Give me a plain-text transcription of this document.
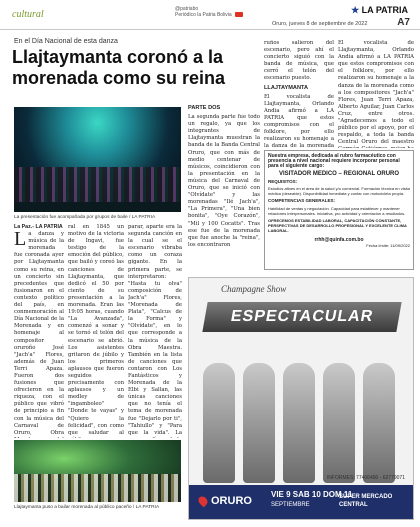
cultural	@patriabo
Periódico la Patria Bolivia	★ LA PATRIA
Oruro, jueves 8 de septiembre de 2022	A7
En el Día Nacional de esta danza
Llajtaymanta coronó a la morenada como su reina
La presentación fue acompañada por grupos de baile / LA PATRIA
La Paz.- LA PATRIA
L a danza y música de la morenada fue coronada ayer por Llajtaymanta como su reina, en un concierto sin precedentes que fusionaron en el contexto político del país, en conmemoración al Día Nacional de la Morenada y en homenaje al compositor oruroño José "Jach'a" Flores, además de Juan Terri Apaza. Fueron dos fusiones que ofrecieron en la riqueza, con el público que vibró de principio a fin con la música del Carnaval de Oruro, Obra
ral en 1845 un motivo de la victoria de Ingavi, fue testigo de la emoción del público, que bailó y coreó las canciones de Llajtaymanta, que dedicó el 50 por ciento de su presentación a la morenada. Eran las 19:05 horas, cuando "La Avanzada", comenzó a sonar y se tornó el telón del escenario se abrió. Los asistentes gritaron de júbilo y los primeros aplausos que fueron seguidos precisamente con aplausos y un medley de "ingamboleo" "Donde te vayas" y "Quiero la felicidad", con como que saludar al
parar, aparte era la segunda canción en la cual se el escenario vibraba como un coraza gigante. En la primera parte, se interpretaron: "Hasta tu olva" composición de Jach'a" Flores, "Morenada de Plata", "Calcus de la Forma" y "Olvídate", en lo que corresponde a la música de la Obra Maestra. También en la lista de canciones que contaron con Los Fantásticos y Morenada de la Elbi y Sallan, las únicas canciones que no tenía el tema de morenada fue "Dejarlo por ti", "Tahiullo" y "Para que la vida". La
Llajtaymanta puso a bailar morenada al público paceño / LA PATRIA
PARTE DOS
La segunda parte fue todo un regalo, ya que los integrantes de Llajtaymanta muestran la banda de la Banda Central Oruro, que con más de medio centenar de músicos, coincidieron con la presentación en la música del Carnaval de Oruro, que se inició con "Olvídate" y las morenadas "Ilé Jach'a", "La Primera", "Una bien bonita", "Oye Corazón", "Mil y 100 Cocatts". Tras ese fue de la morenada que fue anoche la "reina", los encontraron
ruños salieron del escenario, pero ahí el concierto siguió con la banda de música, que cerró el telón del escenario puesto.
LLAJTAYMANTA
El vocalista de Llajtaymanta, Orlando Andia afirmó a LA PATRIA que estos compromisos con el folklore, por ello realizaron su homenaje a la danza de la morenada
El vocalista de Llajtaymanta, Orlando Andia afirmó a LA PATRIA que estos compromisos con el folklore, por ello realizaron su homenaje a la danza de la morenada como a los compositores "Jach'a" Flores, Juan Terri Apaza, Alberto Aguilar, Juan Carlos Cruz, entre otros. "Agradecemos a todo el público por el apoyo, por el respaldo, a toda la banda Central Oruro del maestro
Nuestra empresa, dedicada al rubro farmacéutico con presencia a nivel nacional requiere incorporar personal para el siguiente cargo:
VISITADOR MEDICO – REGIONAL ORURO
REQUISITOS:
Estudios afines en el área de la salud y/o comercial. Formación técnica en visita médica (deseable). Disponibilidad inmediata y contar con motocicleta propia.
COMPETENCIAS GENERALES:
Habilidad de ventas y negociación. Capacidad para establecer y mantener relaciones interpersonales. Iniciativa, pro actividad y orientación a resultados.
OFRECEMOS ESTABILIDAD LABORAL, CAPACITACIÓN CONSTANTE, PERSPECTIVAS DE DESARROLLO PROFESIONAL Y EXCELENTE CLIMA LABORAL.
rrhh@quinfa.com.bo
Fecha límite: 11/09/2022
Champagne Show
ESPECTACULAR
INFORMES: 77406490 - 62779071
ORURO
VIE 9 SAB 10 DOM 11
SEPTIEMBRE
SÚPER MERCADO CENTRAL
